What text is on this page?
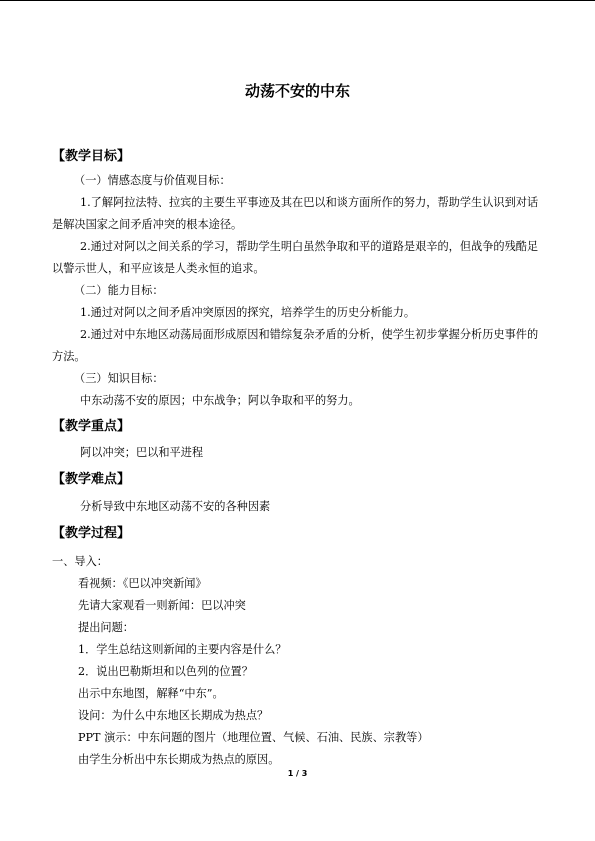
动荡不安的中东
【教学目标】
（一）情感态度与价值观目标：
1.了解阿拉法特、拉宾的主要生平事迹及其在巴以和谈方面所作的努力，帮助学生认识到对话是解决国家之间矛盾冲突的根本途径。
2.通过对阿以之间关系的学习，帮助学生明白虽然争取和平的道路是艰辛的，但战争的残酷足以警示世人，和平应该是人类永恒的追求。
（二）能力目标：
1.通过对阿以之间矛盾冲突原因的探究，培养学生的历史分析能力。
2.通过对中东地区动荡局面形成原因和错综复杂矛盾的分析，使学生初步掌握分析历史事件的方法。
（三）知识目标：
中东动荡不安的原因；中东战争；阿以争取和平的努力。
【教学重点】
阿以冲突；巴以和平进程
【教学难点】
分析导致中东地区动荡不安的各种因素
【教学过程】
一、导入：
看视频：《巴以冲突新闻》
先请大家观看一则新闻：巴以冲突
提出问题：
1．学生总结这则新闻的主要内容是什么？
2．说出巴勒斯坦和以色列的位置？
出示中东地图，解释“中东”。
设问：为什么中东地区长期成为热点？
PPT 演示：中东问题的图片（地理位置、气候、石油、民族、宗教等）
由学生分析出中东长期成为热点的原因。
1 / 3
